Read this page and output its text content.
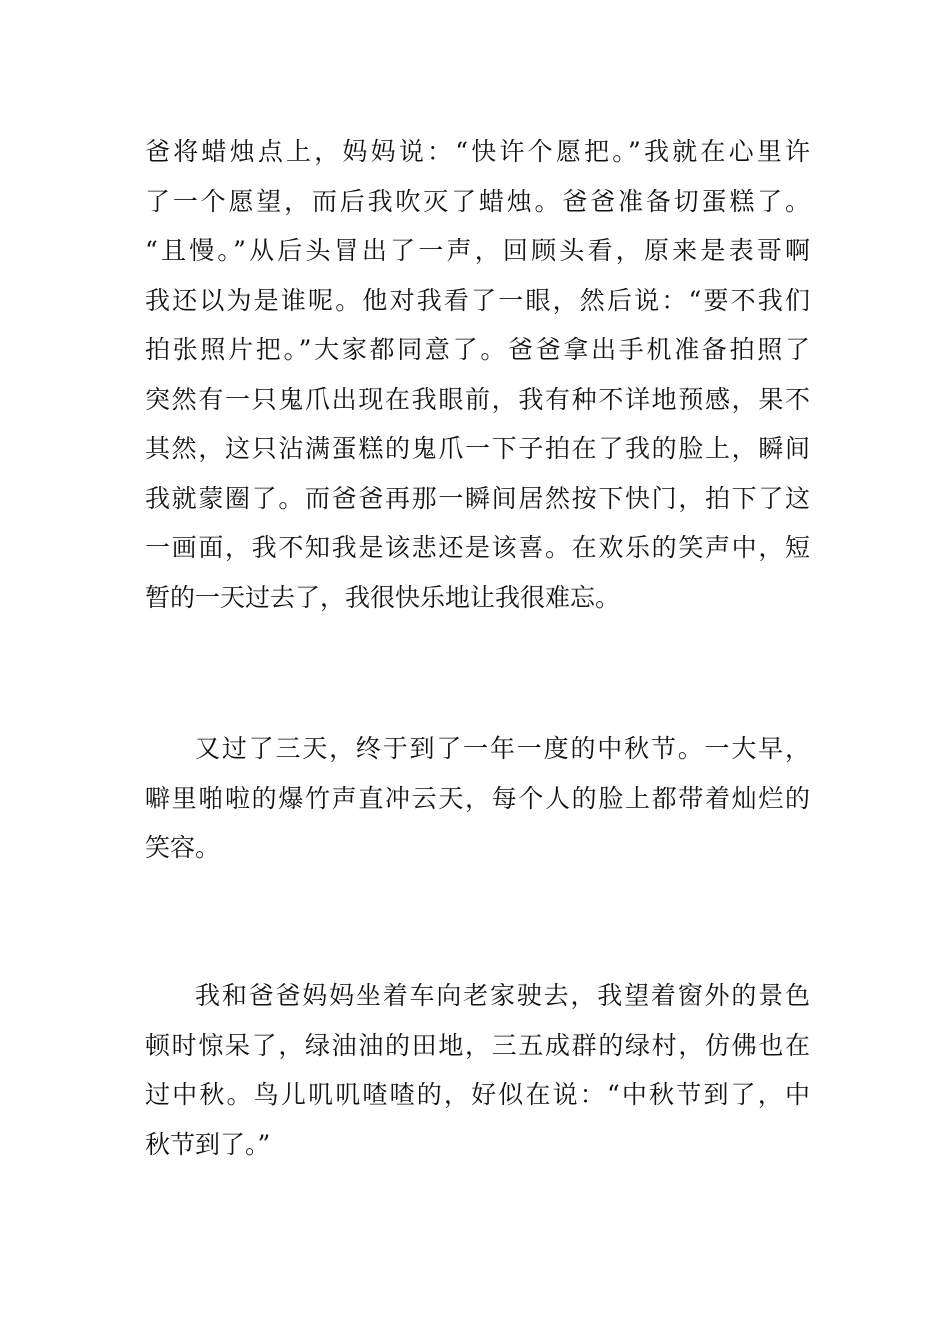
爸将蜡烛点上，妈妈说：“快许个愿把。”我就在心里许
了一个愿望，而后我吹灭了蜡烛。爸爸准备切蛋糕了。
“且慢。”从后头冒出了一声，回顾头看，原来是表哥啊
我还以为是谁呢。他对我看了一眼，然后说：“要不我们
拍张照片把。”大家都同意了。爸爸拿出手机准备拍照了
突然有一只鬼爪出现在我眼前，我有种不详地预感，果不
其然，这只沾满蛋糕的鬼爪一下子拍在了我的脸上，瞬间
我就蒙圈了。而爸爸再那一瞬间居然按下快门，拍下了这
一画面，我不知我是该悲还是该喜。在欢乐的笑声中，短
暂的一天过去了，我很快乐地让我很难忘。
又过了三天，终于到了一年一度的中秋节。一大早，
噼里啪啦的爆竹声直冲云天，每个人的脸上都带着灿烂的
笑容。
我和爸爸妈妈坐着车向老家驶去，我望着窗外的景色
顿时惊呆了，绿油油的田地，三五成群的绿村，仿佛也在
过中秋。鸟儿叽叽喳喳的，好似在说：“中秋节到了，中
秋节到了。”
